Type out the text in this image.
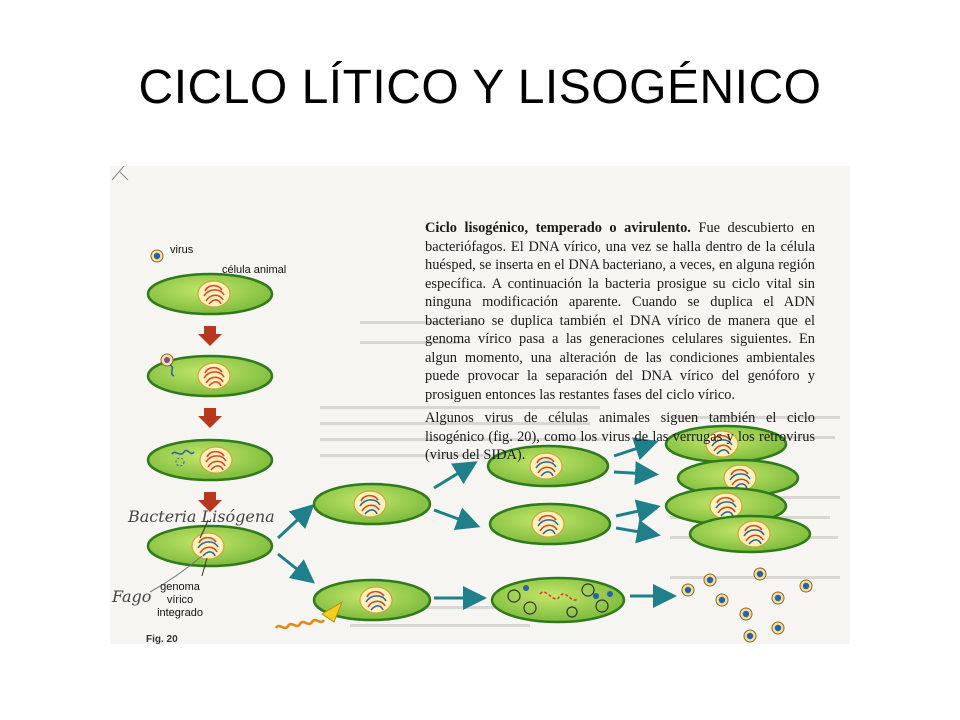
CICLO LÍTICO Y LISOGÉNICO
virus
célula animal
Bacteria Lisógena
Fago genoma
vírico
integrado
Fig. 20

Ciclo lisogénico, temperado o avirulento. Fue descubierto en bacteriófagos. El DNA vírico, una vez se halla dentro de la célula huésped, se inserta en el DNA bacteriano, a veces, en alguna región específica. A continuación la bacteria prosigue su ciclo vital sin ninguna modificación aparente. Cuando se duplica el ADN bacteriano se duplica también el DNA vírico de manera que el genoma vírico pasa a las generaciones celulares siguientes. En algun momento, una alteración de las condiciones ambientales puede provocar la separación del DNA vírico del genóforo y prosiguen entonces las restantes fases del ciclo vírico.

Algunos virus de células animales siguen también el ciclo lisogénico (fig. 20), como los virus de las verrugas y los retrovirus (virus del SIDA).
